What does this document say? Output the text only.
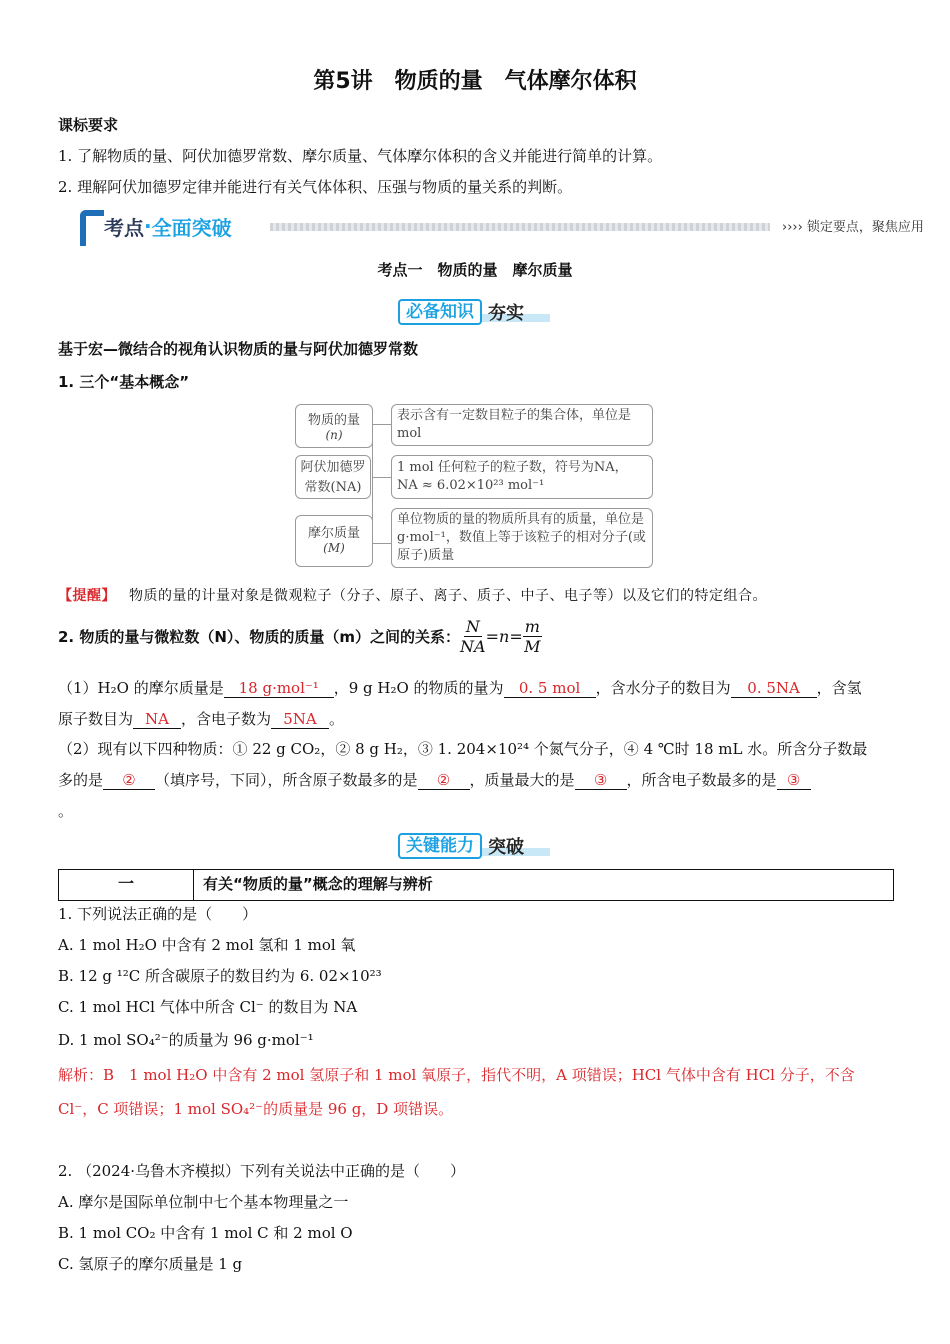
第5讲　物质的量　气体摩尔体积
课标要求
1. 了解物质的量、阿伏加德罗常数、摩尔质量、气体摩尔体积的含义并能进行简单的计算。
2. 理解阿伏加德罗定律并能进行有关气体体积、压强与物质的量关系的判断。
考点 · 全面突破	›››› 锁定要点，聚焦应用
考点一　物质的量　摩尔质量
必备知识 夯实
基于宏—微结合的视角认识物质的量与阿伏加德罗常数
1. 三个“基本概念”
物质的量
(n)
表示含有一定数目粒子的集合体，单位是 mol
阿伏加德罗常数(NA)
1 mol 任何粒子的粒子数，符号为NA，NA ≈ 6.02×10²³ mol⁻¹
摩尔质量
(M)
单位物质的量的物质所具有的质量，单位是g·mol⁻¹，数值上等于该粒子的相对分子(或原子)质量
【提醒】 物质的量的计量对象是微观粒子（分子、原子、离子、质子、中子、电子等）以及它们的特定组合。
2. 物质的量与微粒数（N）、物质的质量（m）之间的关系： $\frac{N}{NA} =n= \frac{m}{M}$
（1）H₂O 的摩尔质量是 18 g·mol⁻¹ ，9 g H₂O 的物质的量为 0. 5 mol ，含水分子的数目为 0. 5NA ，含氢
原子数目为 NA ，含电子数为 5NA 。
（2）现有以下四种物质：① 22 g CO₂，② 8 g H₂，③ 1. 204×10²⁴ 个氮气分子，④ 4 ℃时 18 mL 水。所含分子数最
多的是 ② （填序号，下同），所含原子数最多的是 ② ，质量最大的是 ③ ，所含电子数最多的是 ③
。
关键能力 突破
一	有关“物质的量”概念的理解与辨析
1. 下列说法正确的是（　　）
A. 1 mol H₂O 中含有 2 mol 氢和 1 mol 氧
B. 12 g ¹²C 所含碳原子的数目约为 6. 02×10²³
C. 1 mol HCl 气体中所含 Cl⁻ 的数目为 NA
D. 1 mol SO₄²⁻的质量为 96 g·mol⁻¹
解析：B　1 mol H₂O 中含有 2 mol 氢原子和 1 mol 氧原子，指代不明，A 项错误；HCl 气体中含有 HCl 分子，不含
Cl⁻，C 项错误；1 mol SO₄²⁻的质量是 96 g，D 项错误。
2. （2024·乌鲁木齐模拟）下列有关说法中正确的是（　　）
A. 摩尔是国际单位制中七个基本物理量之一
B. 1 mol CO₂ 中含有 1 mol C 和 2 mol O
C. 氢原子的摩尔质量是 1 g
